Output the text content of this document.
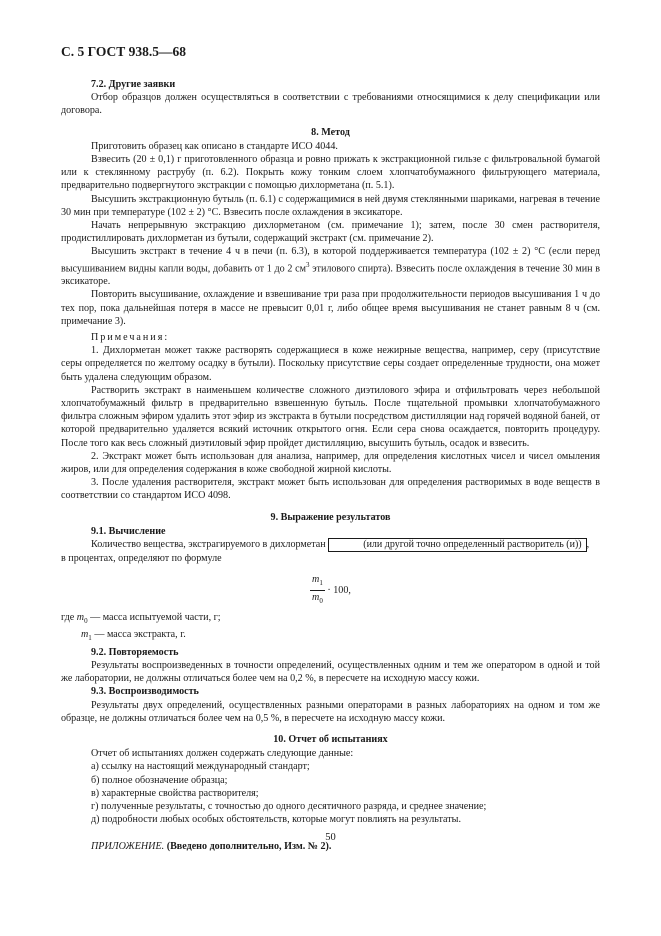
С. 5 ГОСТ 938.5—68

7.2. Другие заявки

Отбор образцов должен осуществляться в соответствии с требованиями относящимися к делу спецификации или договора.

8. Метод

Приготовить образец как описано в стандарте ИСО 4044.

Взвесить (20 ± 0,1) г приготовленного образца и ровно прижать к экстракционной гильзе с фильтровальной бумагой или к стеклянному раструбу (п. 6.2). Покрыть кожу тонким слоем хлопчатобумажного фильтрующего материала, предварительно подвергнутого экстракции с помощью дихлорметана (п. 5.1).

Высушить экстракционную бутыль (п. 6.1) с содержащимися в ней двумя стеклянными шариками, нагревая в течение 30 мин при температуре (102 ± 2) °С. Взвесить после охлаждения в эксикаторе.

Начать непрерывную экстракцию дихлорметаном (см. примечание 1); затем, после 30 смен растворителя, продистиллировать дихлорметан из бутыли, содержащий экстракт (см. примечание 2).

Высушить экстракт в течение 4 ч в печи (п. 6.3), в которой поддерживается температура (102 ± 2) °С (если перед высушиванием видны капли воды, добавить от 1 до 2 $см^3$ этилового спирта). Взвесить после охлаждения в течение 30 мин в эксикаторе.

Повторить высушивание, охлаждение и взвешивание три раза при продолжительности периодов высушивания 1 ч до тех пор, пока дальнейшая потеря в массе не превысит 0,01 г, либо общее время высушивания не станет равным 8 ч (см. примечание 3).

Примечания:

1. Дихлорметан может также растворять содержащиеся в коже нежирные вещества, например, серу (присутствие серы определяется по желтому осадку в бутыли). Поскольку присутствие серы создает определенные трудности, она может быть удалена следующим образом.

Растворить экстракт в наименьшем количестве сложного диэтилового эфира и отфильтровать через небольшой хлопчатобумажный фильтр в предварительно взвешенную бутыль. После тщательной промывки хлопчатобумажного фильтра сложным эфиром удалить этот эфир из экстракта в бутыли посредством дистилляции над горячей водяной баней, от которой предварительно удаляется всякий источник открытого огня. Если сера снова осаждается, повторить процедуру. После того как весь сложный диэтиловый эфир пройдет дистилляцию, высушить бутыль, осадок и взвесить.

2. Экстракт может быть использован для анализа, например, для определения кислотных чисел и чисел омыления жиров, или для определения содержания в коже свободной жирной кислоты.

3. После удаления растворителя, экстракт может быть использован для определения растворимых в воде веществ в соответствии со стандартом ИСО 4098.

9. Выражение результатов

9.1. Вычисление

Количество вещества, экстрагируемого в дихлорметан	(или другой точно определенный растворитель (и)) ,

в процентах, определяют по формуле

$\frac{m_1}{m_0} \cdot 100$,

где $m_0$ — масса испытуемой части, г;

$m_1$ — масса экстракта, г.

9.2. Повторяемость

Результаты воспроизведенных в точности определений, осуществленных одним и тем же оператором в одной и той же лаборатории, не должны отличаться более чем на 0,2 %, в пересчете на исходную массу кожи.

9.3. Воспроизводимость

Результаты двух определений, осуществленных разными операторами в разных лабораториях на одном и том же образце, не должны отличаться более чем на 0,5 %, в пересчете на исходную массу кожи.

10. Отчет об испытаниях

Отчет об испытаниях должен содержать следующие данные:

а) ссылку на настоящий международный стандарт;

б) полное обозначение образца;

в) характерные свойства растворителя;

г) полученные результаты, с точностью до одного десятичного разряда, и среднее значение;

д) подробности любых особых обстоятельств, которые могут повлиять на результаты.

ПРИЛОЖЕНИЕ. (Введено дополнительно, Изм. № 2).

50
